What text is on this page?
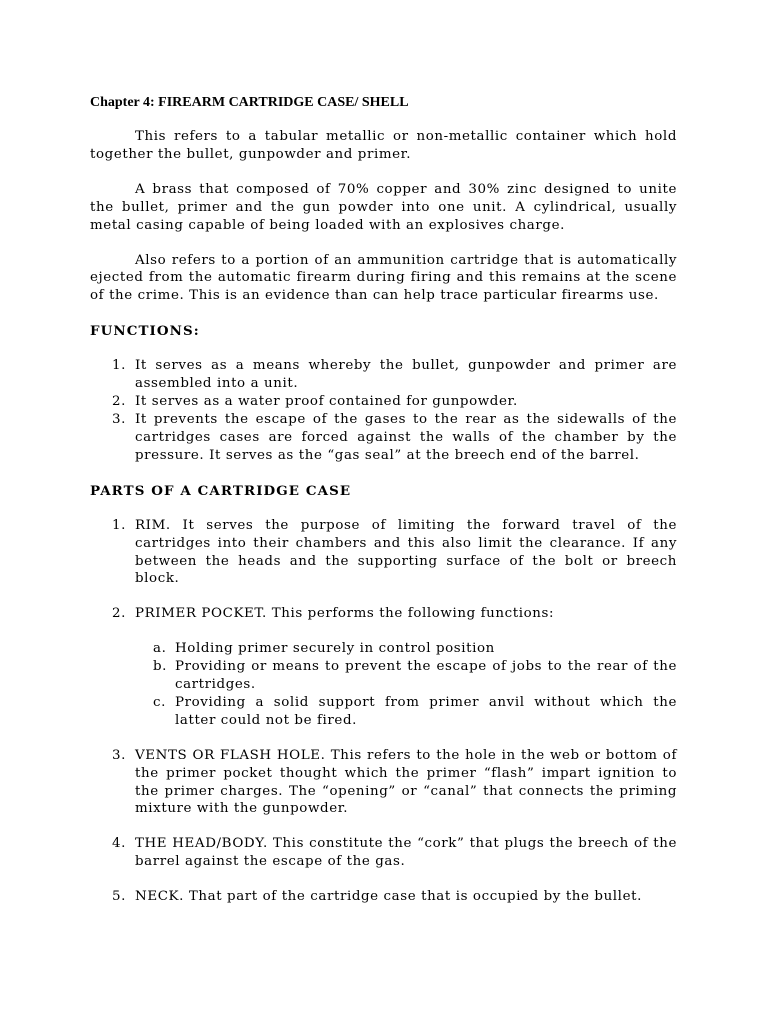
Chapter 4: FIREARM CARTRIDGE CASE/ SHELL

This refers to a tabular metallic or non-metallic container which hold together the bullet, gunpowder and primer.

A brass that composed of 70% copper and 30% zinc designed to unite the bullet, primer and the gun powder into one unit. A cylindrical, usually metal casing capable of being loaded with an explosives charge.

Also refers to a portion of an ammunition cartridge that is automatically ejected from the automatic firearm during firing and this remains at the scene of the crime. This is an evidence than can help trace particular firearms use.

FUNCTIONS:
1. It serves as a means whereby the bullet, gunpowder and primer are assembled into a unit.
2. It serves as a water proof contained for gunpowder.
3. It prevents the escape of the gases to the rear as the sidewalls of the cartridges cases are forced against the walls of the chamber by the pressure. It serves as the “gas seal” at the breech end of the barrel.
PARTS OF A CARTRIDGE CASE
1. RIM. It serves the purpose of limiting the forward travel of the cartridges into their chambers and this also limit the clearance. If any between the heads and the supporting surface of the bolt or breech block.
2. PRIMER POCKET. This performs the following functions:
a. Holding primer securely in control position
b. Providing or means to prevent the escape of jobs to the rear of the cartridges.
c. Providing a solid support from primer anvil without which the latter could not be fired.
3. VENTS OR FLASH HOLE. This refers to the hole in the web or bottom of the primer pocket thought which the primer “flash” impart ignition to the primer charges. The “opening” or “canal” that connects the priming mixture with the gunpowder.
4. THE HEAD/BODY. This constitute the “cork” that plugs the breech of the barrel against the escape of the gas.
5. NECK. That part of the cartridge case that is occupied by the bullet.
